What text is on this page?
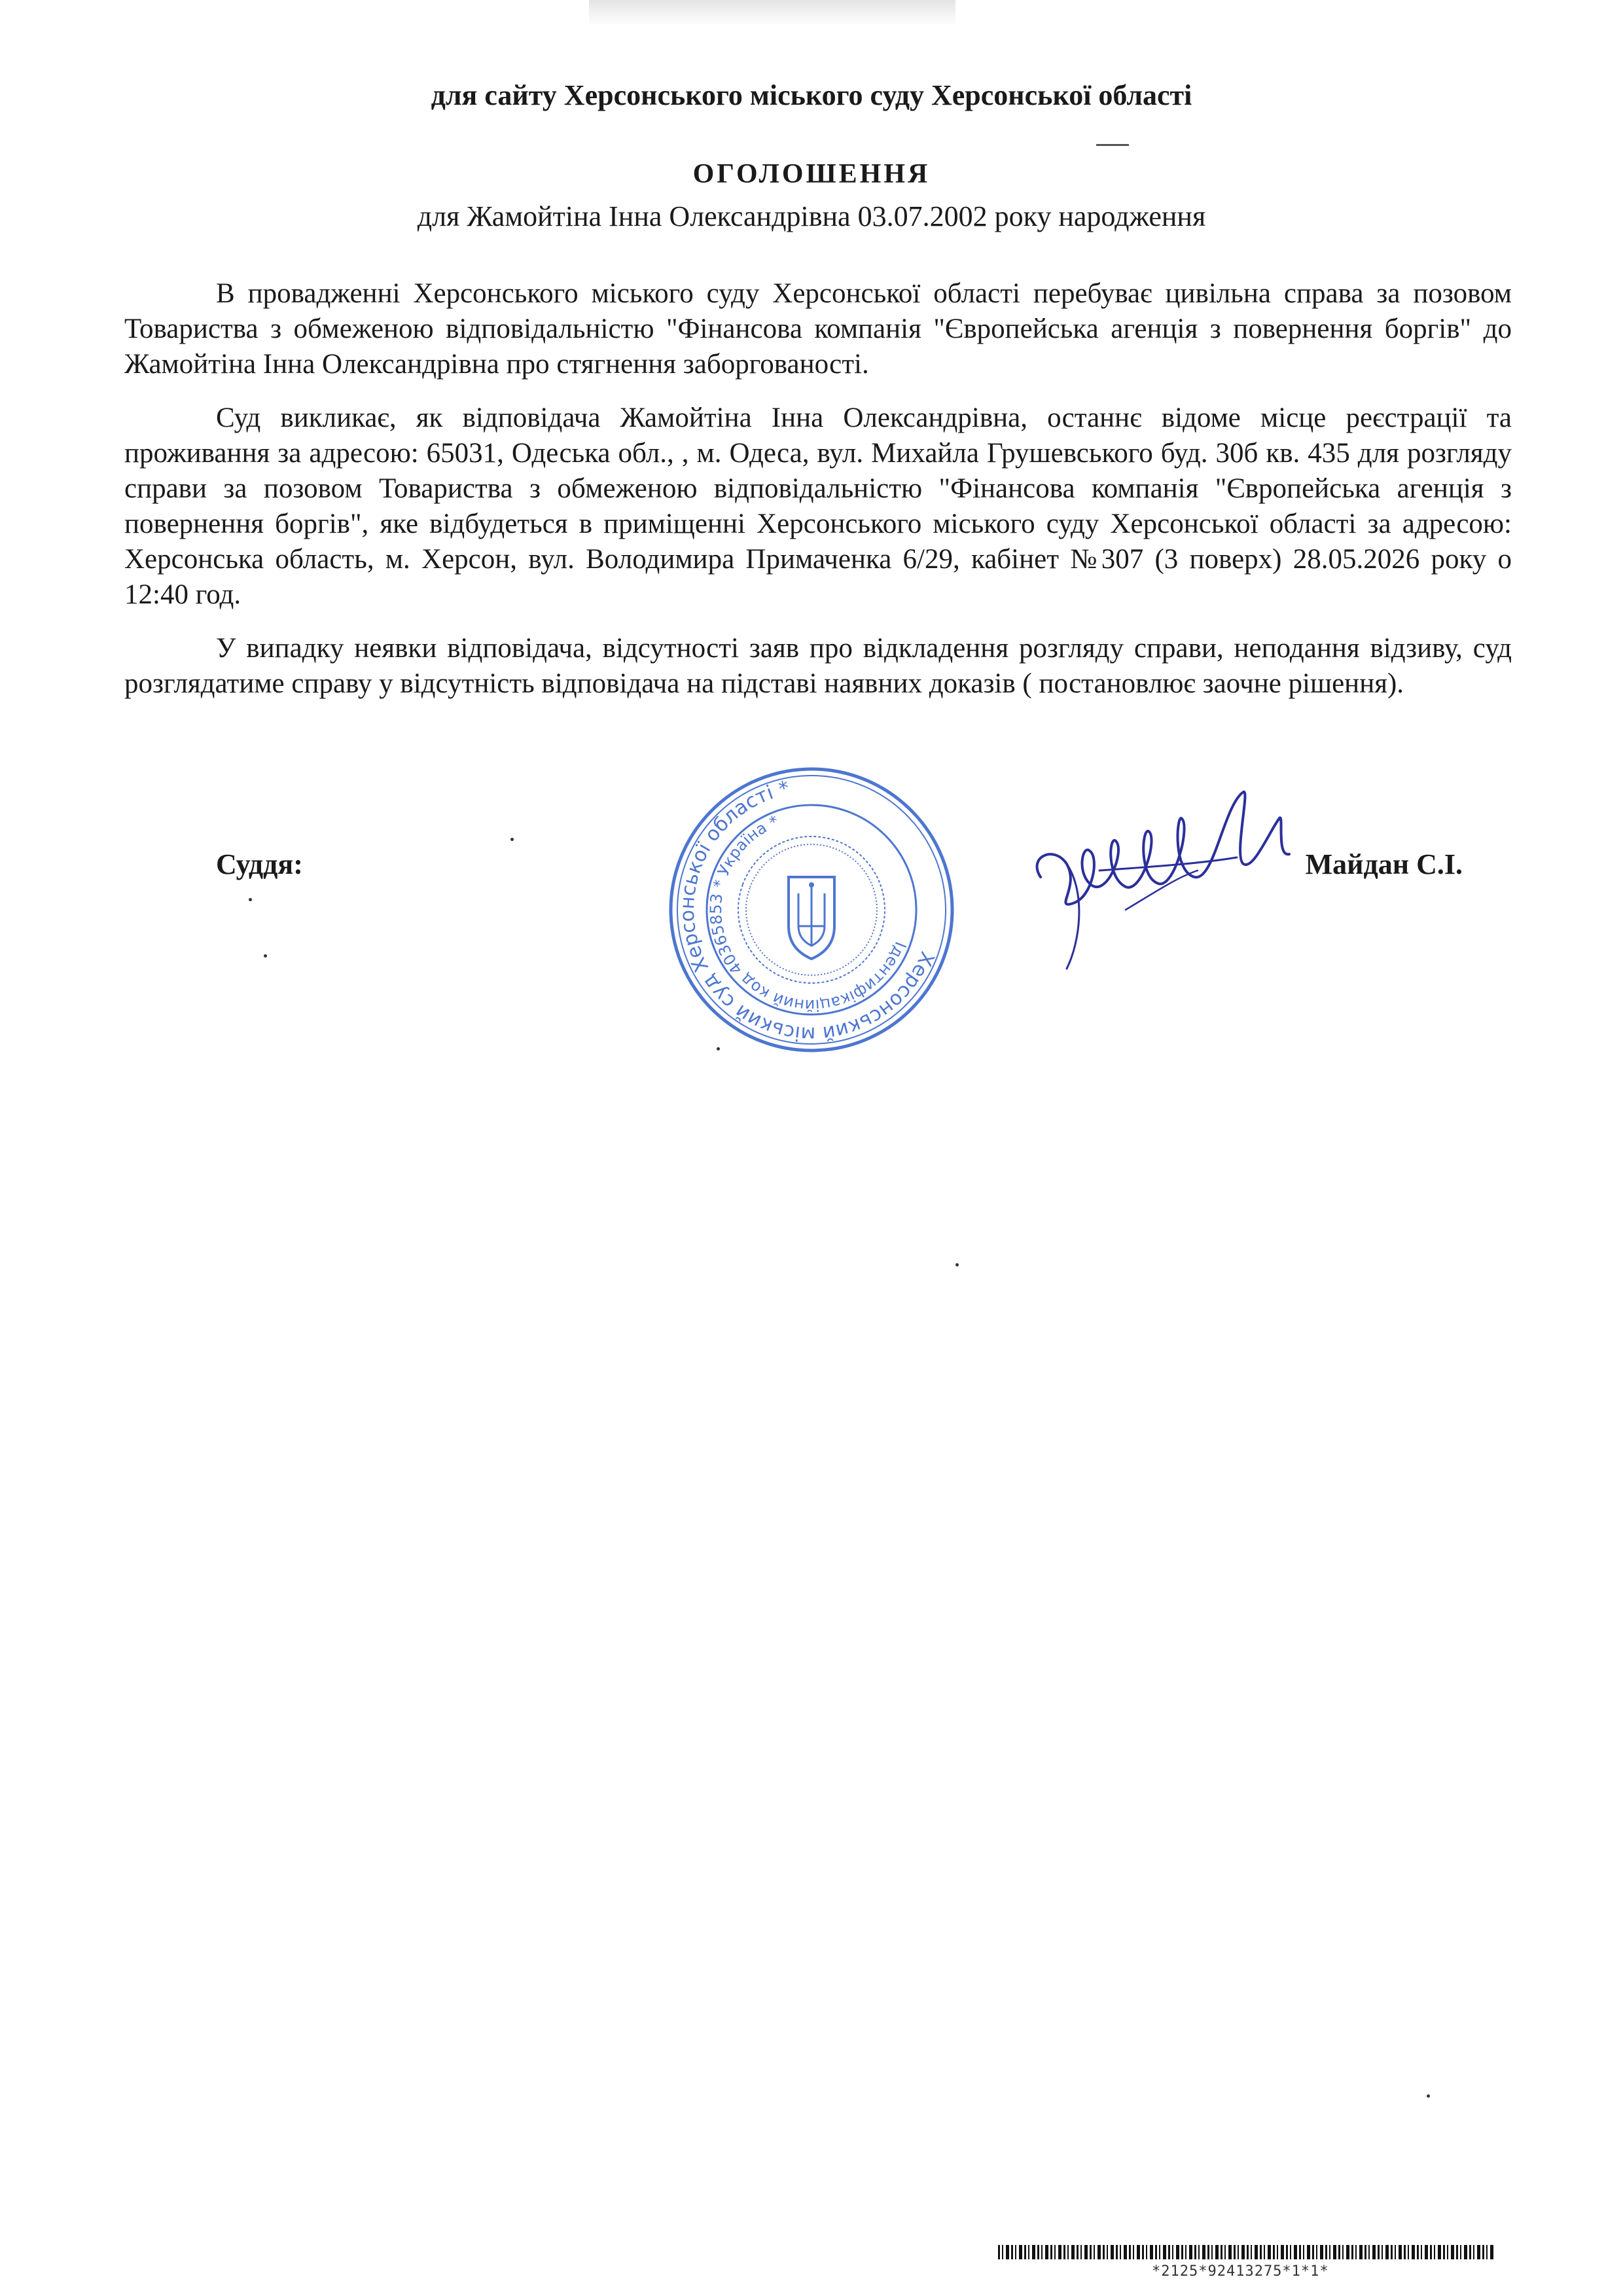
для сайту Херсонського міського суду Херсонської області
ОГОЛОШЕННЯ
для Жамойтіна Інна Олександрівна 03.07.2002 року народження

В провадженні Херсонського міського суду Херсонської області перебуває цивільна справа за позовом Товариства з обмеженою відповідальністю "Фінансова компанія "Європейська агенція з повернення боргів" до Жамойтіна Інна Олександрівна про стягнення заборгованості.

Суд викликає, як відповідача Жамойтіна Інна Олександрівна, останнє відоме місце реєстрації та проживання за адресою: 65031, Одеська обл., , м. Одеса, вул. Михайла Грушевського буд. 30б кв. 435 для розгляду справи за позовом Товариства з обмеженою відповідальністю "Фінансова компанія "Європейська агенція з повернення боргів", яке відбудеться в приміщенні Херсонського міського суду Херсонської області за адресою: Херсонська область, м. Херсон, вул. Володимира Примаченка 6/29, кабінет №307 (3 поверх) 28.05.2026 року о 12:40 год.

У випадку неявки відповідача, відсутності заяв про відкладення розгляду справи, неподання відзиву, суд розглядатиме справу у відсутність відповідача на підставі наявних доказів ( постановлює заочне рішення).

Суддя:	Майдан С.І.
Херсонський міський суд Херсонської області *
Ідентифікаційний код 40365853 * Україна *
*2125*92413275*1*1*
